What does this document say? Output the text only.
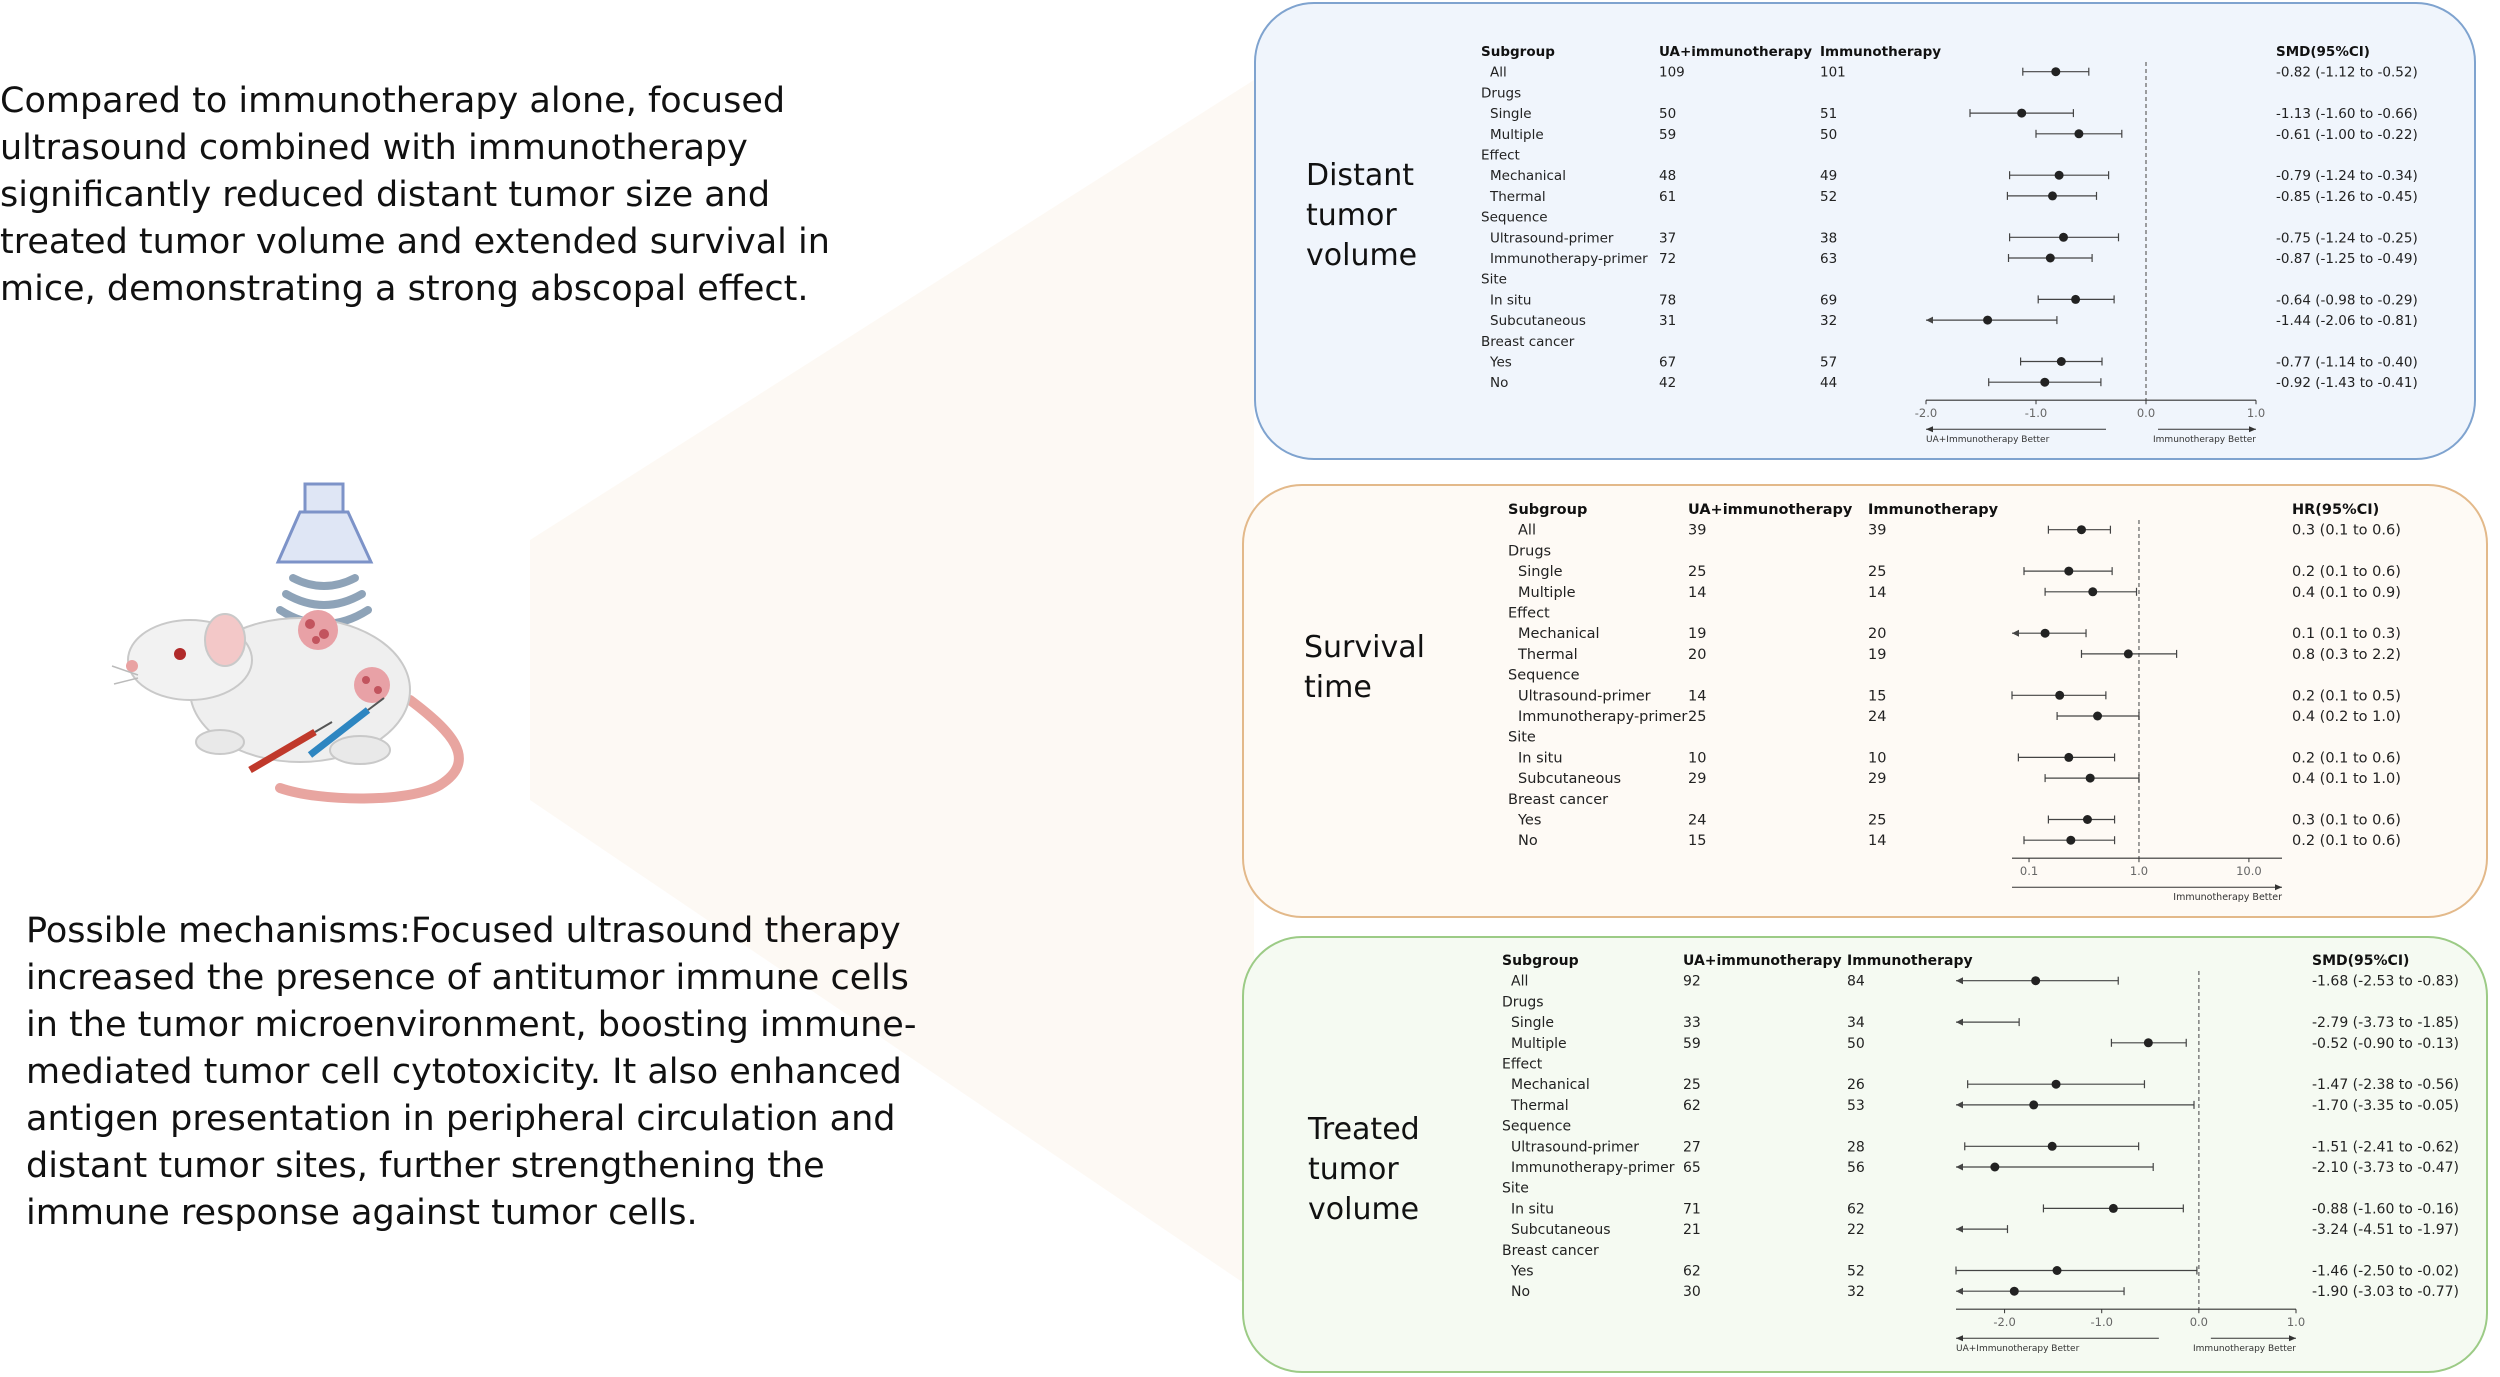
Compared to immunotherapy alone, focused ultrasound combined with immunotherapy significantly reduced distant tumor size and treated tumor volume and extended survival in mice, demonstrating a strong abscopal effect.

Possible mechanisms:Focused ultrasound therapy increased the presence of antitumor immune cells in the tumor microenvironment, boosting immune-mediated tumor cell cytotoxicity. It also enhanced antigen presentation in peripheral circulation and distant tumor sites, further strengthening the immune response against tumor cells.

Distant
tumor
volume
Subgroup	UA+immunotherapy Immunotherapy	SMD(95%CI)
All	109	101	-0.82 (-1.12 to -0.52)
Drugs
Single	50	51	-1.13 (-1.60 to -0.66)
Multiple	59	50	-0.61 (-1.00 to -0.22)
Effect
Mechanical	48	49	-0.79 (-1.24 to -0.34)
Thermal	61	52	-0.85 (-1.26 to -0.45)
Sequence
Ultrasound-primer	37	38	-0.75 (-1.24 to -0.25)
Immunotherapy-primer 72	63	-0.87 (-1.25 to -0.49)
Site
In situ	78	69	-0.64 (-0.98 to -0.29)
Subcutaneous	31	32	-1.44 (-2.06 to -0.81)
Breast cancer
Yes	67	57	-0.77 (-1.14 to -0.40)
No	42	44	-0.92 (-1.43 to -0.41)
-2.0	-1.0	0.0	1.0
UA+Immunotherapy Better	Immunotherapy Better
Survival
time
Subgroup	UA+immunotherapy Immunotherapy	HR(95%CI)
All	39	39	0.3 (0.1 to 0.6)
Drugs
Single	25	25	0.2 (0.1 to 0.6)
Multiple	14	14	0.4 (0.1 to 0.9)
Effect
Mechanical	19	20	0.1 (0.1 to 0.3)
Thermal	20	19	0.8 (0.3 to 2.2)
Sequence
Ultrasound-primer	14	15	0.2 (0.1 to 0.5)
Immunotherapy-primer 25	24	0.4 (0.2 to 1.0)
Site
In situ	10	10	0.2 (0.1 to 0.6)
Subcutaneous	29	29	0.4 (0.1 to 1.0)
Breast cancer
Yes	24	25	0.3 (0.1 to 0.6)
No	15	14	0.2 (0.1 to 0.6)
0.1	1.0	10.0
Immunotherapy Better
Treated
tumor
volume
Subgroup	UA+immunotherapy Immunotherapy	SMD(95%CI)
All	92	84	-1.68 (-2.53 to -0.83)
Drugs
Single	33	34	-2.79 (-3.73 to -1.85)
Multiple	59	50	-0.52 (-0.90 to -0.13)
Effect
Mechanical	25	26	-1.47 (-2.38 to -0.56)
Thermal	62	53	-1.70 (-3.35 to -0.05)
Sequence
Ultrasound-primer	27	28	-1.51 (-2.41 to -0.62)
Immunotherapy-primer 65	56	-2.10 (-3.73 to -0.47)
Site
In situ	71	62	-0.88 (-1.60 to -0.16)
Subcutaneous	21	22	-3.24 (-4.51 to -1.97)
Breast cancer
Yes	62	52	-1.46 (-2.50 to -0.02)
No	30	32	-1.90 (-3.03 to -0.77)
-2.0	-1.0	0.0	1.0
UA+Immunotherapy Better	Immunotherapy Better
